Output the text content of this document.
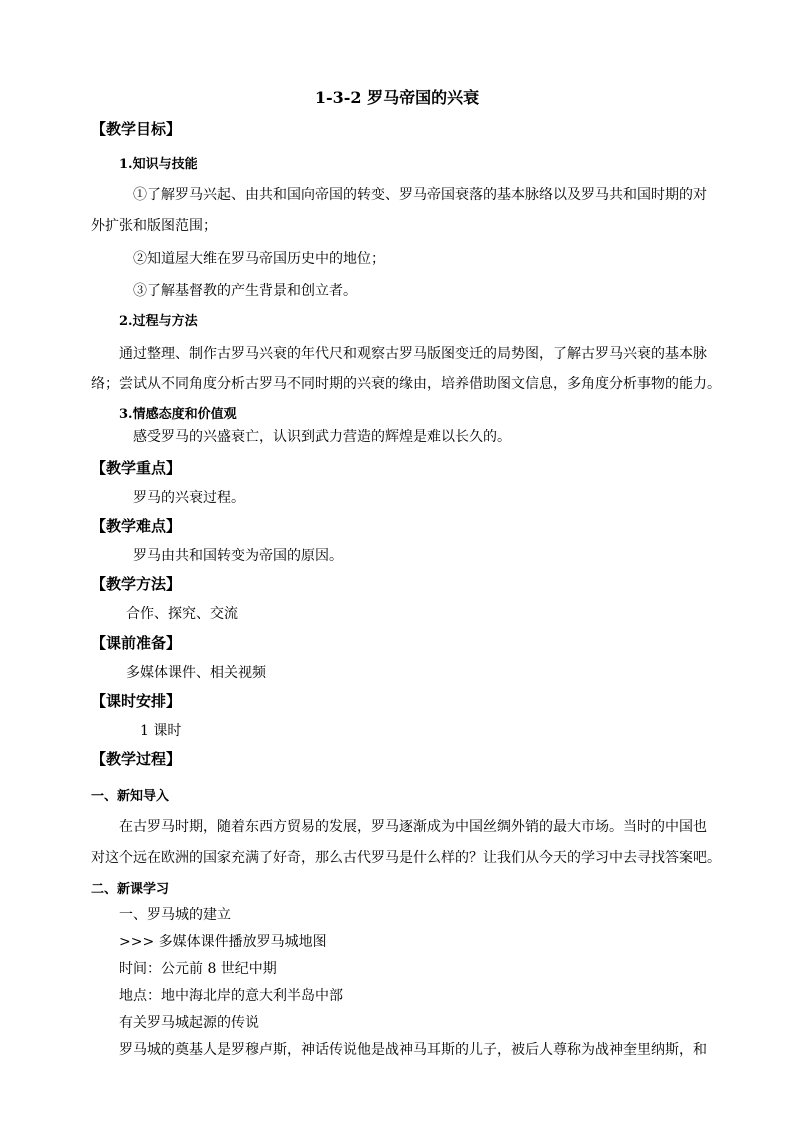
1-3-2 罗马帝国的兴衰
【教学目标】
1.知识与技能
①了解罗马兴起、由共和国向帝国的转变、罗马帝国衰落的基本脉络以及罗马共和国时期的对
外扩张和版图范围；
②知道屋大维在罗马帝国历史中的地位；
③了解基督教的产生背景和创立者。
2.过程与方法
通过整理、制作古罗马兴衰的年代尺和观察古罗马版图变迁的局势图，了解古罗马兴衰的基本脉
络；尝试从不同角度分析古罗马不同时期的兴衰的缘由，培养借助图文信息，多角度分析事物的能力。
3.情感态度和价值观
感受罗马的兴盛衰亡，认识到武力营造的辉煌是难以长久的。
【教学重点】
罗马的兴衰过程。
【教学难点】
罗马由共和国转变为帝国的原因。
【教学方法】
合作、探究、交流
【课前准备】
多媒体课件、相关视频
【课时安排】
1 课时
【教学过程】
一、新知导入
在古罗马时期，随着东西方贸易的发展，罗马逐渐成为中国丝绸外销的最大市场。当时的中国也
对这个远在欧洲的国家充满了好奇，那么古代罗马是什么样的？让我们从今天的学习中去寻找答案吧。
二、新课学习
一、罗马城的建立
>>> 多媒体课件播放罗马城地图
时间：公元前 8 世纪中期
地点：地中海北岸的意大利半岛中部
有关罗马城起源的传说
罗马城的奠基人是罗穆卢斯，神话传说他是战神马耳斯的儿子，被后人尊称为战神奎里纳斯，和
